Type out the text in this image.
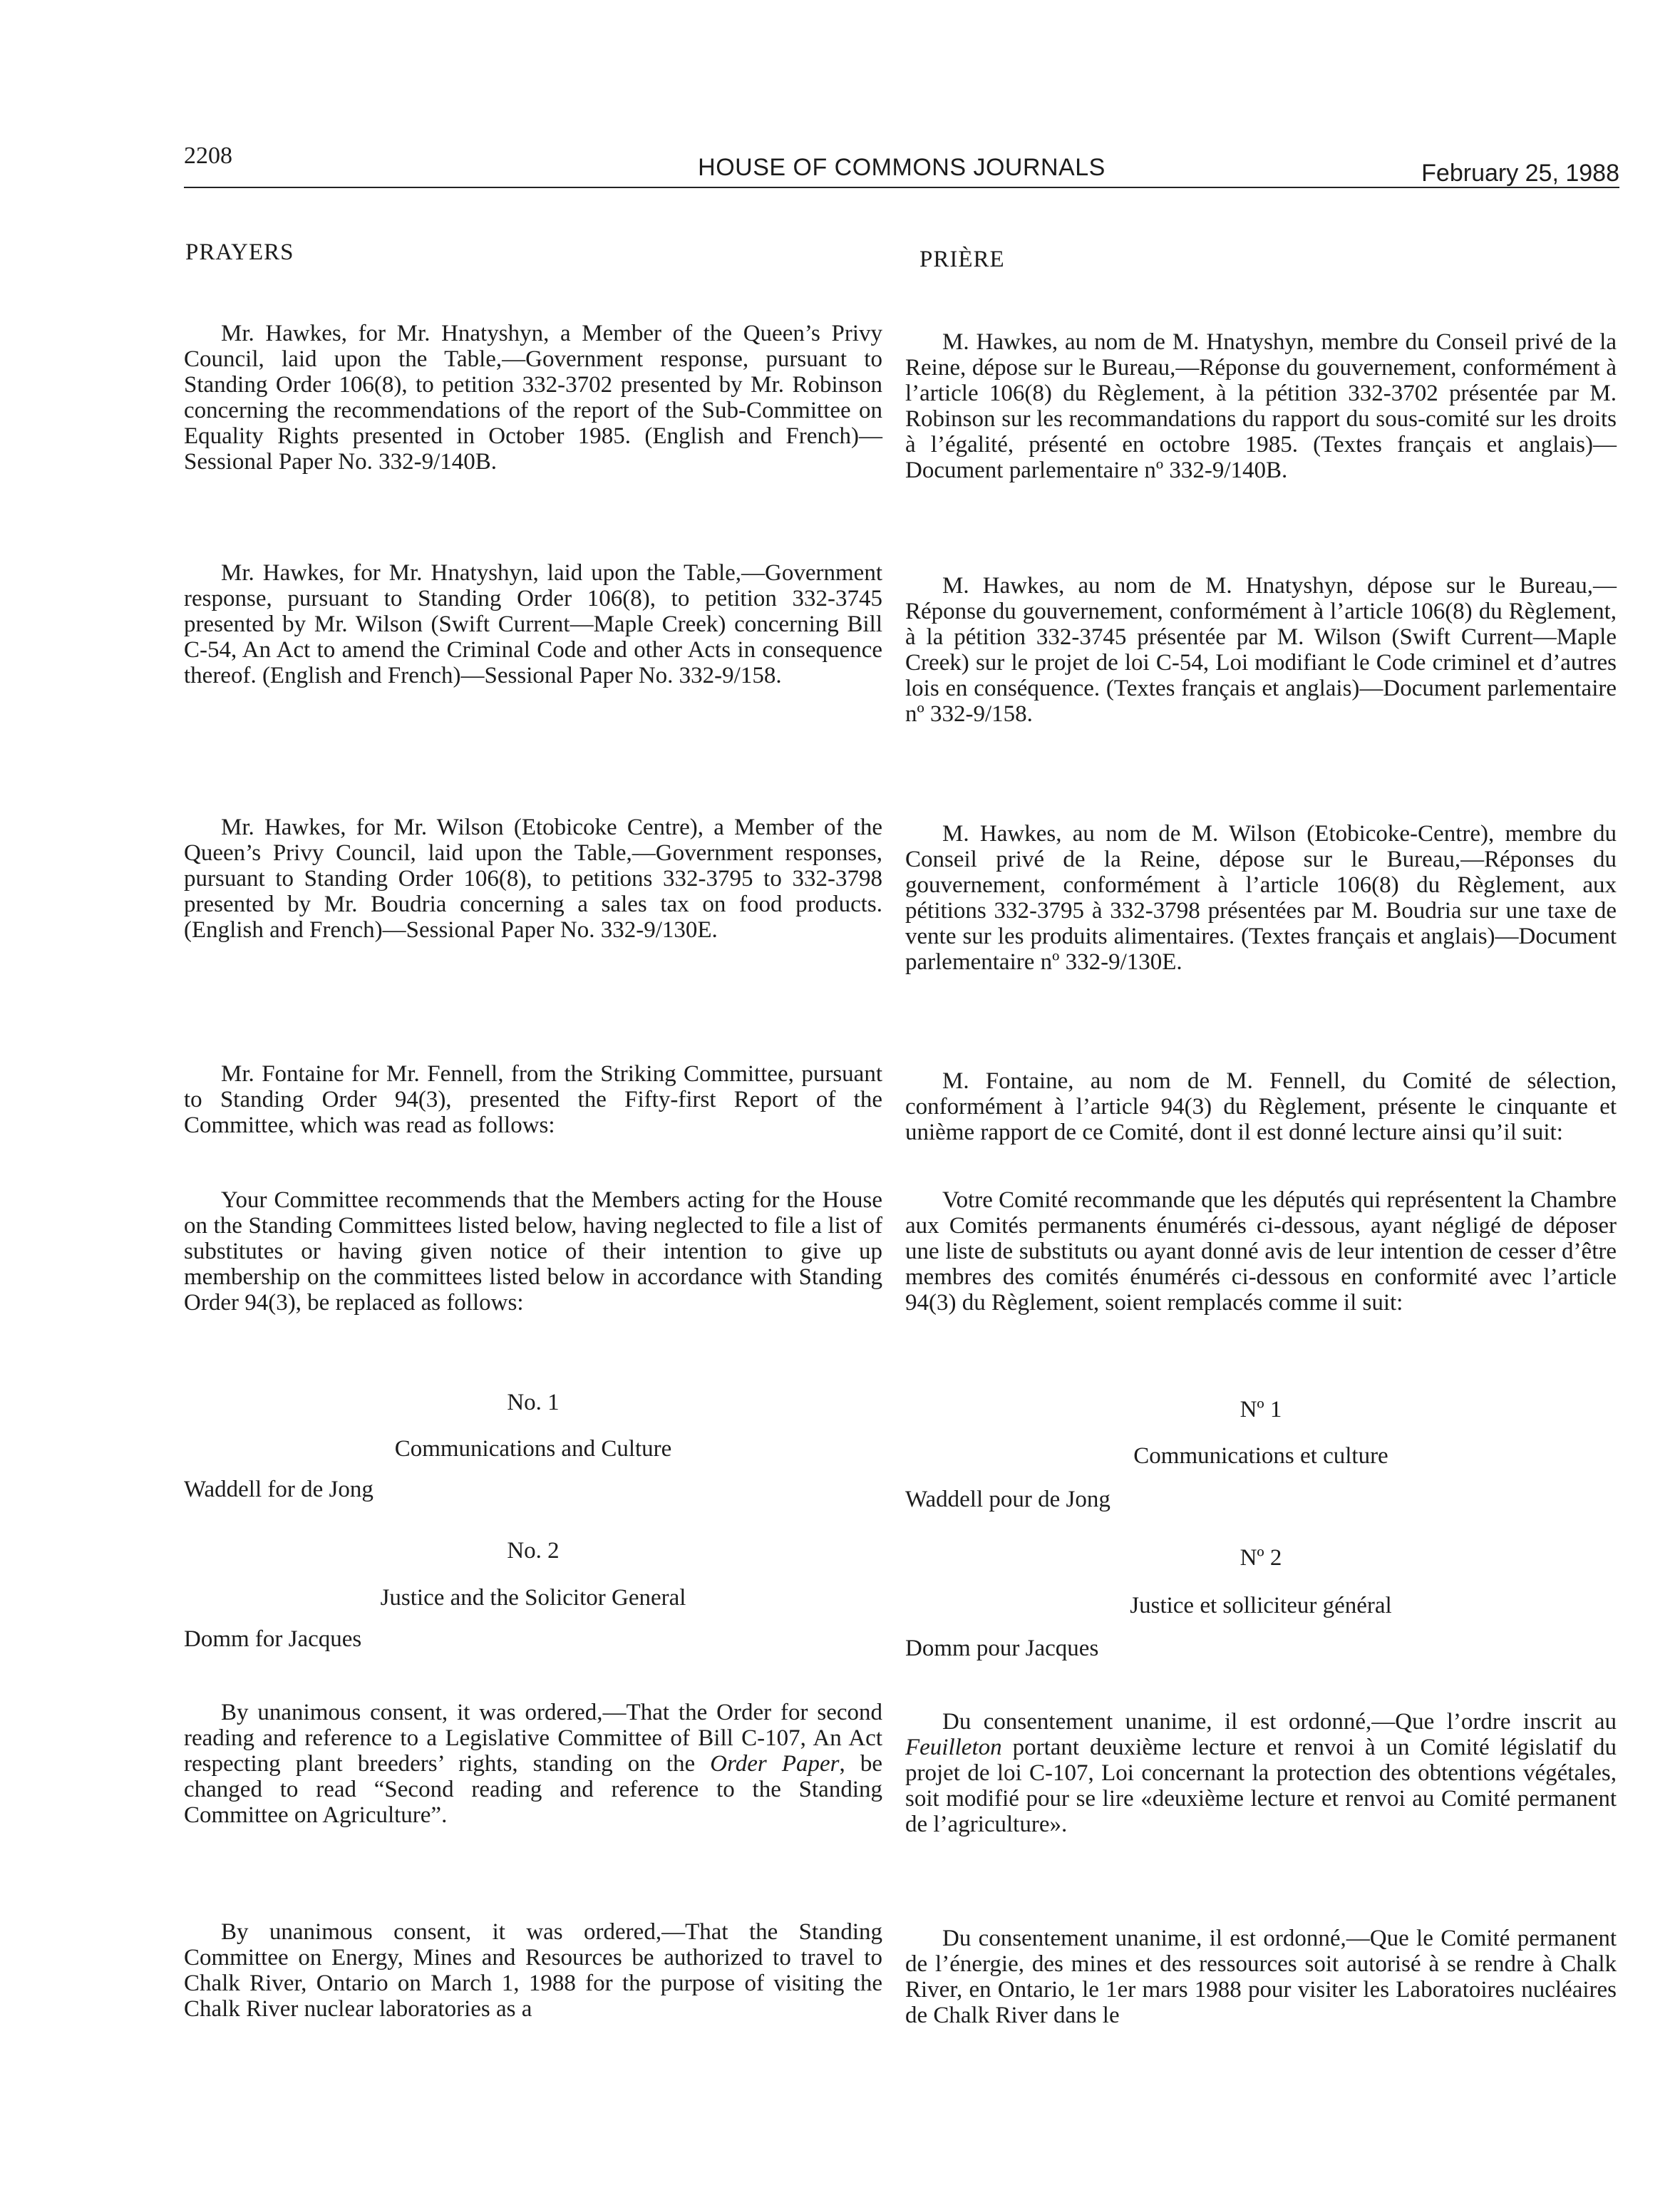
2208	HOUSE OF COMMONS JOURNALS	February 25, 1988
PRAYERS

Mr. Hawkes, for Mr. Hnatyshyn, a Member of the Queen’s Privy Council, laid upon the Table,—Government response, pursuant to Standing Order 106(8), to petition 332-3702 presented by Mr. Robinson concerning the recommendations of the report of the Sub-Committee on Equality Rights presented in October 1985. (English and French)—Sessional Paper No. 332-9/140B.

Mr. Hawkes, for Mr. Hnatyshyn, laid upon the Table,—Government response, pursuant to Standing Order 106(8), to petition 332-3745 presented by Mr. Wilson (Swift Current—Maple Creek) concerning Bill C-54, An Act to amend the Criminal Code and other Acts in consequence thereof. (English and French)—Sessional Paper No. 332-9/158.

Mr. Hawkes, for Mr. Wilson (Etobicoke Centre), a Member of the Queen’s Privy Council, laid upon the Table,—Government responses, pursuant to Standing Order 106(8), to petitions 332-3795 to 332-3798 presented by Mr. Boudria concerning a sales tax on food products. (English and French)—Sessional Paper No. 332-9/130E.

Mr. Fontaine for Mr. Fennell, from the Striking Committee, pursuant to Standing Order 94(3), presented the Fifty-first Report of the Committee, which was read as follows:

Your Committee recommends that the Members acting for the House on the Standing Committees listed below, having neglected to file a list of substitutes or having given notice of their intention to give up membership on the committees listed below in accordance with Standing Order 94(3), be replaced as follows:

No. 1
Communications and Culture
Waddell for de Jong
No. 2
Justice and the Solicitor General
Domm for Jacques

By unanimous consent, it was ordered,—That the Order for second reading and reference to a Legislative Committee of Bill C-107, An Act respecting plant breeders’ rights, standing on the Order Paper, be changed to read “Second reading and reference to the Standing Committee on Agriculture”.

By unanimous consent, it was ordered,—That the Standing Committee on Energy, Mines and Resources be authorized to travel to Chalk River, Ontario on March 1, 1988 for the purpose of visiting the Chalk River nuclear laboratories as a

PRIÈRE

M. Hawkes, au nom de M. Hnatyshyn, membre du Conseil privé de la Reine, dépose sur le Bureau,—Réponse du gouvernement, conformément à l’article 106(8) du Règlement, à la pétition 332-3702 présentée par M. Robinson sur les recommandations du rapport du sous-comité sur les droits à l’égalité, présenté en octobre 1985. (Textes français et anglais)—Document parlementaire nº 332-9/140B.

M. Hawkes, au nom de M. Hnatyshyn, dépose sur le Bureau,—Réponse du gouvernement, conformément à l’article 106(8) du Règlement, à la pétition 332-3745 présentée par M. Wilson (Swift Current—Maple Creek) sur le projet de loi C-54, Loi modifiant le Code criminel et d’autres lois en conséquence. (Textes français et anglais)—Document parlementaire nº 332-9/158.

M. Hawkes, au nom de M. Wilson (Etobicoke-Centre), membre du Conseil privé de la Reine, dépose sur le Bureau,—Réponses du gouvernement, conformément à l’article 106(8) du Règlement, aux pétitions 332-3795 à 332-3798 présentées par M. Boudria sur une taxe de vente sur les produits alimentaires. (Textes français et anglais)—Document parlementaire nº 332-9/130E.

M. Fontaine, au nom de M. Fennell, du Comité de sélection, conformément à l’article 94(3) du Règlement, présente le cinquante et unième rapport de ce Comité, dont il est donné lecture ainsi qu’il suit:

Votre Comité recommande que les députés qui représentent la Chambre aux Comités permanents énumérés ci-dessous, ayant négligé de déposer une liste de substituts ou ayant donné avis de leur intention de cesser d’être membres des comités énumérés ci-dessous en conformité avec l’article 94(3) du Règlement, soient remplacés comme il suit:

Nº 1
Communications et culture
Waddell pour de Jong
Nº 2
Justice et solliciteur général
Domm pour Jacques

Du consentement unanime, il est ordonné,—Que l’ordre inscrit au Feuilleton portant deuxième lecture et renvoi à un Comité législatif du projet de loi C-107, Loi concernant la protection des obtentions végétales, soit modifié pour se lire «deuxième lecture et renvoi au Comité permanent de l’agriculture».

Du consentement unanime, il est ordonné,—Que le Comité permanent de l’énergie, des mines et des ressources soit autorisé à se rendre à Chalk River, en Ontario, le 1er mars 1988 pour visiter les Laboratoires nucléaires de Chalk River dans le
